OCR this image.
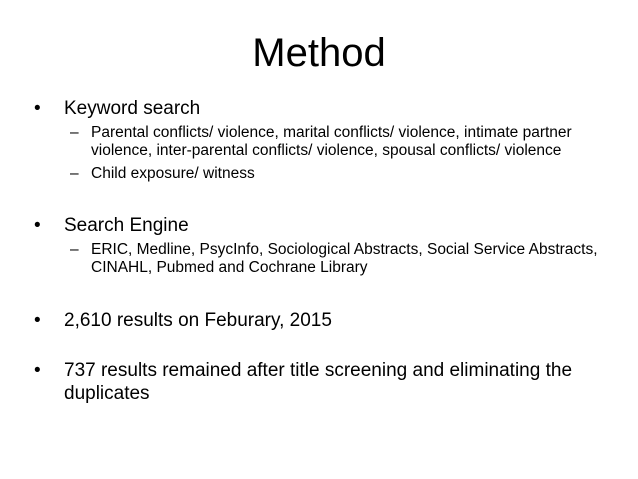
Method

• Keyword search

– Parental conflicts/ violence, marital conflicts/ violence, intimate partner violence, inter-parental conflicts/ violence, spousal conflicts/ violence

– Child exposure/ witness

• Search Engine

– ERIC, Medline, PsycInfo, Sociological Abstracts, Social Service Abstracts, CINAHL, Pubmed and Cochrane Library

• 2,610 results on Feburary, 2015

• 737 results remained after title screening and eliminating the duplicates
